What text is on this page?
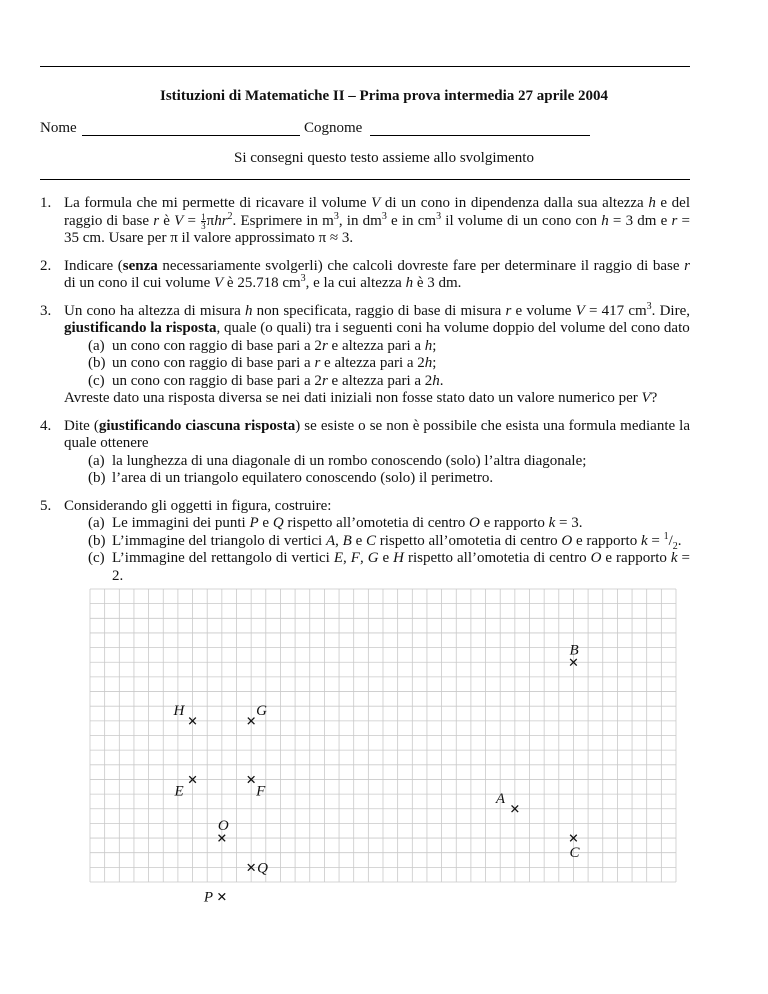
Istituzioni di Matematiche II – Prima prova intermedia 27 aprile 2004
Nome	Cognome
Si consegni questo testo assieme allo svolgimento
1. La formula che mi permette di ricavare il volume V di un cono in dipendenza dalla sua altezza h e del raggio di base r è $V = \frac{1}{3} \pi hr^2$. Esprimere in $m^3$, in $dm^3$ e in $cm^3$ il volume di un cono con h = 3 dm e r = 35 cm. Usare per π il valore approssimato π ≈ 3.
2. Indicare (senza necessariamente svolgerli) che calcoli dovreste fare per determinare il raggio di base r di un cono il cui volume V è 25.718 $cm^3$, e la cui altezza h è 3 dm.
3. Un cono ha altezza di misura h non specificata, raggio di base di misura r e volume V = 417 $cm^3$. Dire, giustificando la risposta, quale (o quali) tra i seguenti coni ha volume doppio del volume del cono dato
(a) un cono con raggio di base pari a 2r e altezza pari a h;
(b) un cono con raggio di base pari a r e altezza pari a 2h;
(c) un cono con raggio di base pari a 2r e altezza pari a 2h.
Avreste dato una risposta diversa se nei dati iniziali non fosse stato dato un valore numerico per V?
4. Dite (giustificando ciascuna risposta) se esiste o se non è possibile che esista una formula mediante la quale ottenere
(a) la lunghezza di una diagonale di un rombo conoscendo (solo) l’altra diagonale;
(b) l’area di un triangolo equilatero conoscendo (solo) il perimetro.
5. Considerando gli oggetti in figura, costruire:
(a) Le immagini dei punti P e Q rispetto all’omotetia di centro O e rapporto k = 3.
(b) L’immagine del triangolo di vertici A, B e C rispetto all’omotetia di centro O e rapporto $k = ^1/_2$.
(c) L’immagine del rettangolo di vertici E, F, G e H rispetto all’omotetia di centro O e rapporto k = 2.
B
H	G
E	F	A
O
C
Q
P
